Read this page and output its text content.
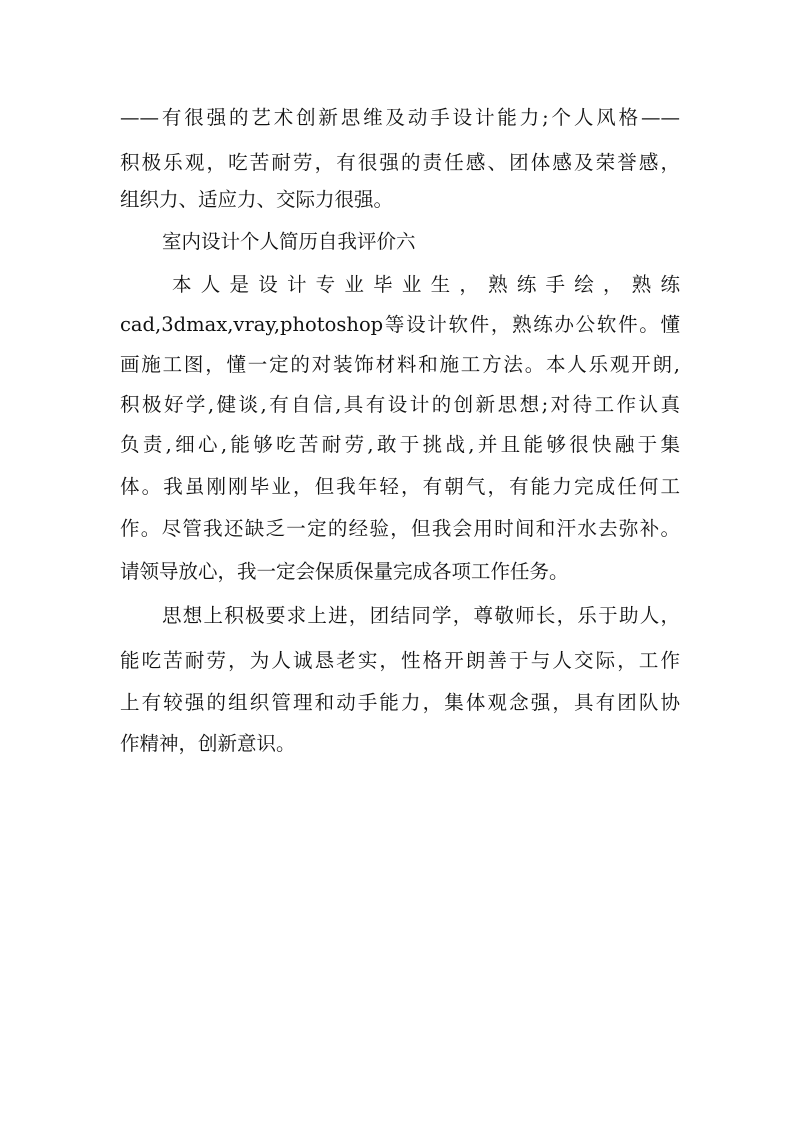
——有很强的艺术创新思维及动手设计能力;个人风格——
积极乐观，吃苦耐劳，有很强的责任感、团体感及荣誉感，
组织力、适应力、交际力很强。
室内设计个人简历自我评价六
本人是设计专业毕业生，熟练手绘，熟练
cad,3dmax,vray,photoshop等设计软件，熟练办公软件。懂
画施工图，懂一定的对装饰材料和施工方法。本人乐观开朗,
积极好学,健谈,有自信,具有设计的创新思想;对待工作认真
负责,细心,能够吃苦耐劳,敢于挑战,并且能够很快融于集
体。我虽刚刚毕业，但我年轻，有朝气，有能力完成任何工
作。尽管我还缺乏一定的经验，但我会用时间和汗水去弥补。
请领导放心，我一定会保质保量完成各项工作任务。
思想上积极要求上进，团结同学，尊敬师长，乐于助人，
能吃苦耐劳，为人诚恳老实，性格开朗善于与人交际，工作
上有较强的组织管理和动手能力，集体观念强，具有团队协
作精神，创新意识。
